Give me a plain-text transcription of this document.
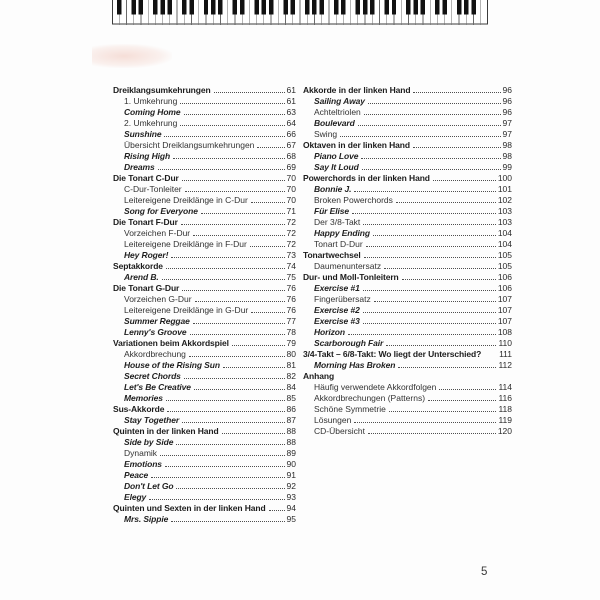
Dreiklangsumkehrungen	61
1. Umkehrung	61
Coming Home	63
2. Umkehrung	64
Sunshine	66
Übersicht Dreiklangsumkehrungen	67
Rising High	68
Dreams	69
Die Tonart C-Dur	70
C-Dur-Tonleiter	70
Leitereigene Dreiklänge in C-Dur	70
Song for Everyone	71
Die Tonart F-Dur	72
Vorzeichen F-Dur	72
Leitereigene Dreiklänge in F-Dur	72
Hey Roger!	73
Septakkorde	74
Arend B.	75
Die Tonart G-Dur	76
Vorzeichen G-Dur	76
Leitereigene Dreiklänge in G-Dur	76
Summer Reggae	77
Lenny's Groove	78
Variationen beim Akkordspiel	79
Akkordbrechung	80
House of the Rising Sun	81
Secret Chords	82
Let's Be Creative	84
Memories	85
Sus-Akkorde	86
Stay Together	87
Quinten in der linken Hand	88
Side by Side	88
Dynamik	89
Emotions	90
Peace	91
Don't Let Go	92
Elegy	93
Quinten und Sexten in der linken Hand 94
Mrs. Sippie	95
Akkorde in der linken Hand	96
Sailing Away	96
Achteltriolen	96
Boulevard	97
Swing	97
Oktaven in der linken Hand	98
Piano Love	98
Say It Loud	99
Powerchords in der linken Hand	100
Bonnie J.	101
Broken Powerchords	102
Für Elise	103
Der 3/8-Takt	103
Happy Ending	104
Tonart D-Dur	104
Tonartwechsel	105
Daumenuntersatz	105
Dur- und Moll-Tonleitern	106
Exercise #1	106
Fingerübersatz	107
Exercise #2	107
Exercise #3	107
Horizon	108
Scarborough Fair	110
3/4-Takt – 6/8-Takt: Wo liegt der Unterschied? 111
Morning Has Broken	112
Anhang
Häufig verwendete Akkordfolgen	114
Akkordbrechungen (Patterns)	116
Schöne Symmetrie	118
Lösungen	119
CD-Übersicht	120
5
